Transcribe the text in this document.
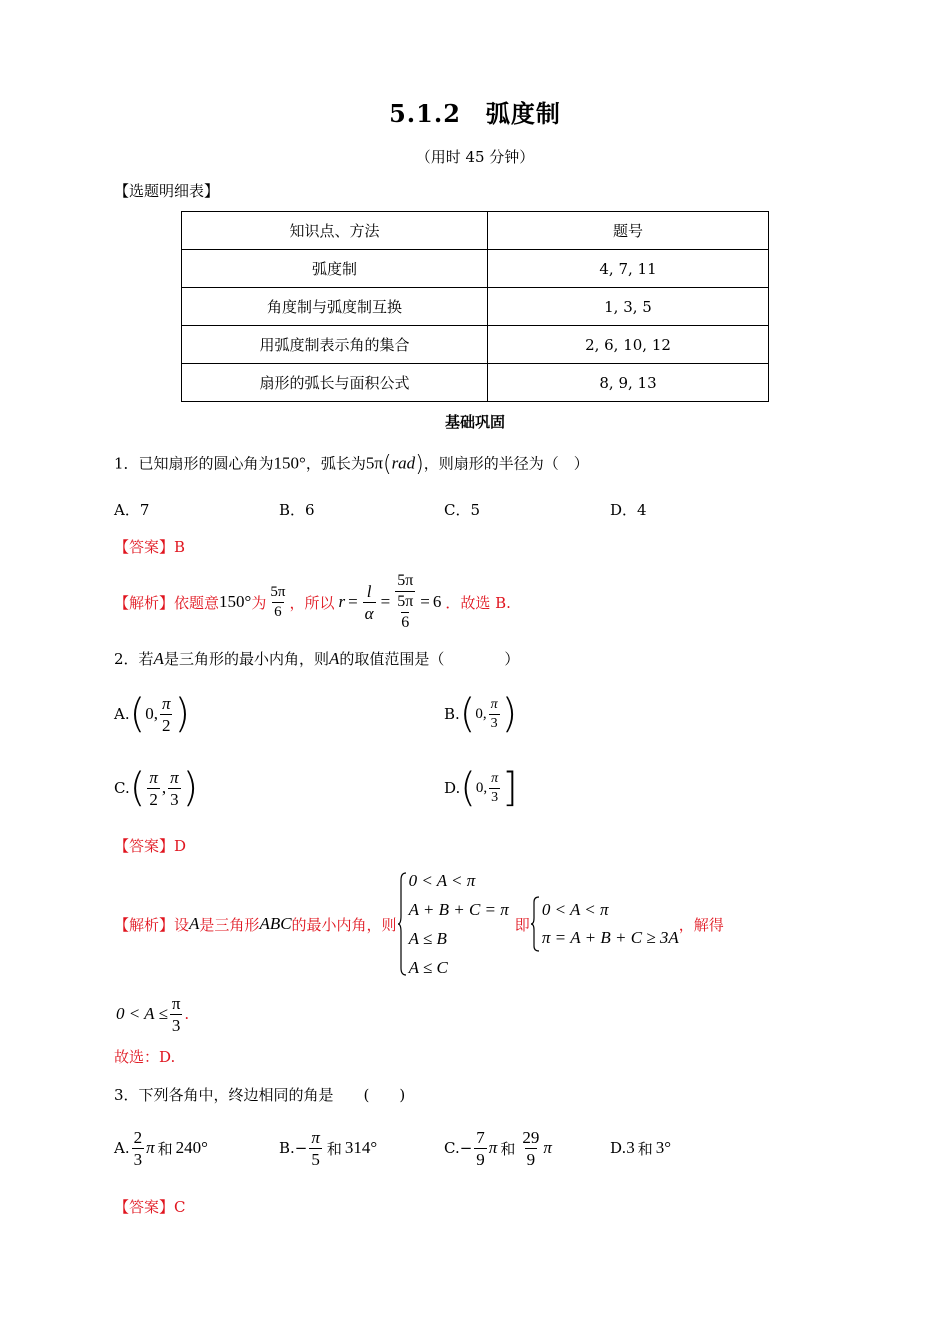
5.1.2　弧度制
（用时 45 分钟）
【选题明细表】
知识点、方法	题号
弧度制	4, 7, 11
角度制与弧度制互换	1, 3, 5
用弧度制表示角的集合	2, 6, 10, 12
扇形的弧长与面积公式	8, 9, 13
基础巩固
1．已知扇形的圆心角为150°，弧长为5π(rad)，则扇形的半径为（　）
A．7	B．6	C．5	D．4
【答案】B
【解析】 依题意 150° 为 $\frac{5\pi}{6}$ ，所以 $r = \frac{l}{\alpha} = \frac{5\pi}{\frac{5\pi}{6}} = 6$ ．故选 B.
2．若A是三角形的最小内角，则A的取值范围是（　　　　）
A. ( 0, $\frac{\pi}{2}$ )	B. ( 0, $\frac{\pi}{3}$ )
C. ( $\frac{\pi}{2}$ , $\frac{\pi}{3}$ )	D. ( 0, $\frac{\pi}{3}$ ]
【答案】D
【解析】 设 A 是三角形 ABC 的最小内角，则
0 < A < π
A + B + C = π
A ≤ B
A ≤ C
即
0 < A < π
π = A + B + C ≥ 3A
，解得
$0 < A \le \frac{\pi}{3}$ .
故选：D.
3．下列各角中，终边相同的角是　　(　　)
A. $\frac{2}{3}$ π 和 240°	$B.- \frac{\pi}{5}$ 和 314°	$C.- \frac{7}{9}$ π 和 $\frac{29}{9}$ π	D. 3 和 3°
【答案】C
